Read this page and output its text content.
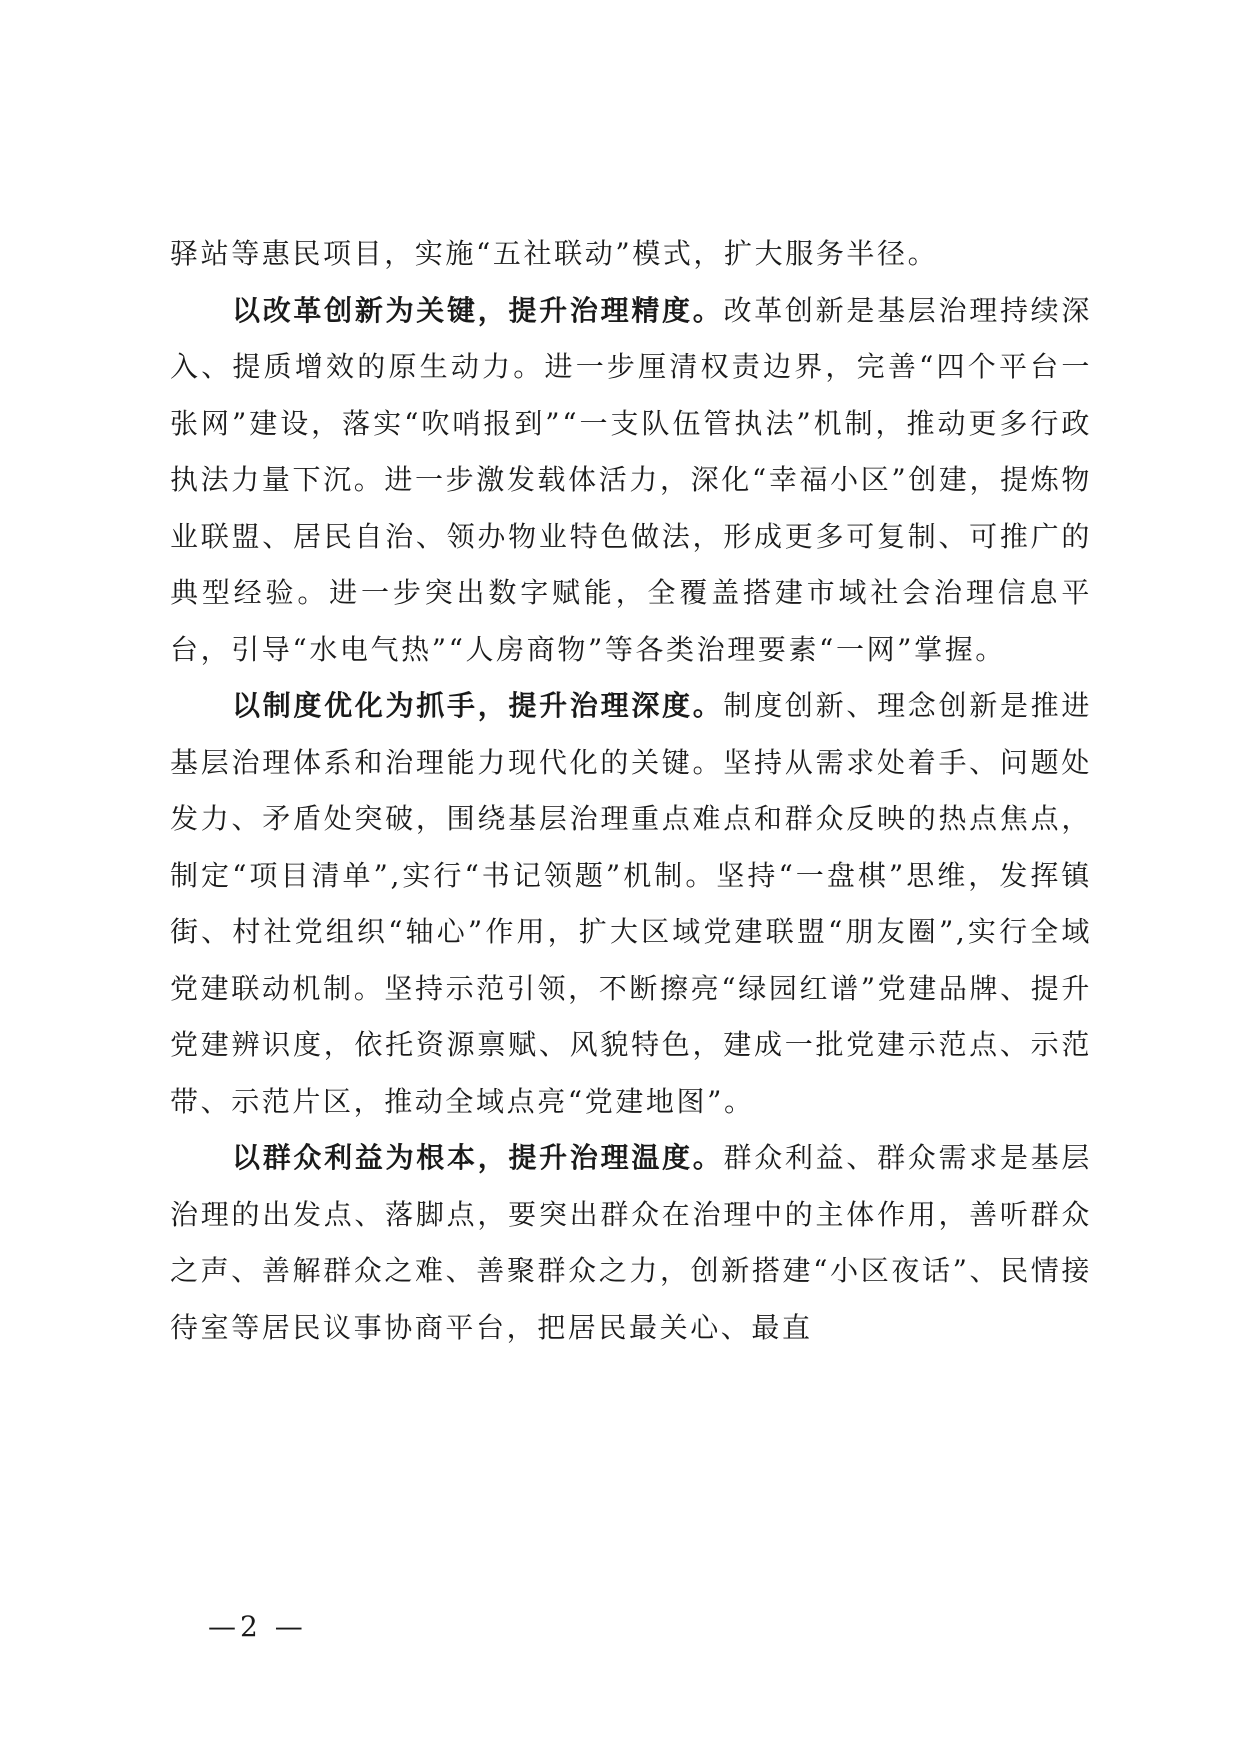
驿站等惠民项目，实施“五社联动”模式，扩大服务半径。

以改革创新为关键，提升治理精度。改革创新是基层治理持续深入、提质增效的原生动力。进一步厘清权责边界，完善“四个平台一张网”建设，落实“吹哨报到”“一支队伍管执法”机制，推动更多行政执法力量下沉。进一步激发载体活力，深化“幸福小区”创建，提炼物业联盟、居民自治、领办物业特色做法，形成更多可复制、可推广的典型经验。进一步突出数字赋能，全覆盖搭建市域社会治理信息平台，引导“水电气热”“人房商物”等各类治理要素“一网”掌握。

以制度优化为抓手，提升治理深度。制度创新、理念创新是推进基层治理体系和治理能力现代化的关键。坚持从需求处着手、问题处发力、矛盾处突破，围绕基层治理重点难点和群众反映的热点焦点，制定“项目清单”,实行“书记领题”机制。坚持“一盘棋”思维，发挥镇街、村社党组织“轴心”作用，扩大区域党建联盟“朋友圈”,实行全域党建联动机制。坚持示范引领，不断擦亮“绿园红谱”党建品牌、提升党建辨识度，依托资源禀赋、风貌特色，建成一批党建示范点、示范带、示范片区，推动全域点亮“党建地图”。

以群众利益为根本，提升治理温度。群众利益、群众需求是基层治理的出发点、落脚点，要突出群众在治理中的主体作用，善听群众之声、善解群众之难、善聚群众之力，创新搭建“小区夜话”、民情接待室等居民议事协商平台，把居民最关心、最直

—2 —
